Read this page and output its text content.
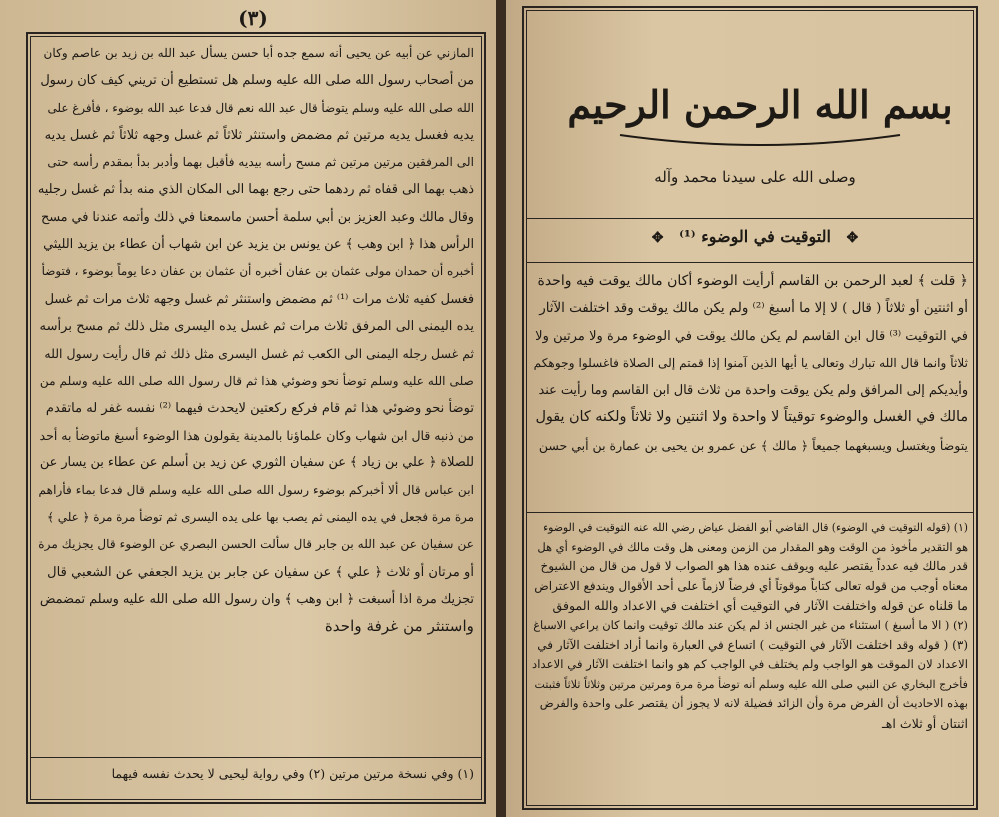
(٣)
المازني عن أبيه عن يحيى أنه سمع جده أبا حسن يسأل عبد الله بن زيد بن عاصم وكان
من أصحاب رسول الله صلى الله عليه وسلم هل تستطيع أن تريني كيف كان رسول
الله صلى الله عليه وسلم يتوضأ قال عبد الله نعم قال فدعا عبد الله بوضوء ، فأفرغ على
يديه فغسل يديه مرتين ثم مضمض واستنثر ثلاثاً ثم غسل وجهه ثلاثاً ثم غسل يديه
الى المرفقين مرتين مرتين ثم مسح رأسه بيديه فأقبل بهما وأدبر بدأ بمقدم رأسه حتى
ذهب بهما الى قفاه ثم ردهما حتى رجع بهما الى المكان الذي منه بدأ ثم غسل رجليه
وقال مالك وعبد العزيز بن أبي سلمة أحسن ماسمعنا في ذلك وأتمه عندنا في مسح
الرأس هذا ﴿ ابن وهب ﴾ عن يونس بن يزيد عن ابن شهاب أن عطاء بن يزيد الليثي
أخبره أن حمدان مولى عثمان بن عفان أخبره أن عثمان بن عفان دعا يوماً بوضوء ، فتوضأ
فغسل كفيه ثلاث مرات ⁽¹⁾ ثم مضمض واستنثر ثم غسل وجهه ثلاث مرات ثم غسل
يده اليمنى الى المرفق ثلاث مرات ثم غسل يده اليسرى مثل ذلك ثم مسح برأسه
ثم غسل رجله اليمنى الى الكعب ثم غسل اليسرى مثل ذلك ثم قال رأيت رسول الله
صلى الله عليه وسلم توضأ نحو وضوئي هذا ثم قال رسول الله صلى الله عليه وسلم من
توضأ نحو وضوئي هذا ثم قام فركع ركعتين لايحدث فيهما ⁽²⁾ نفسه غفر له ماتقدم
من ذنبه قال ابن شهاب وكان علماؤنا بالمدينة يقولون هذا الوضوء أسبغ ماتوضأ به أحد
للصلاة ﴿ علي بن زياد ﴾ عن سفيان الثوري عن زيد بن أسلم عن عطاء بن يسار عن
ابن عباس قال ألا أخبركم بوضوء رسول الله صلى الله عليه وسلم قال فدعا بماء فأراهم
مرة مرة فجعل في يده اليمنى ثم يصب بها على يده اليسرى ثم توضأ مرة مرة ﴿ علي ﴾
عن سفيان عن عبد الله بن جابر قال سألت الحسن البصري عن الوضوء قال يجزيك مرة
أو مرتان أو ثلاث ﴿ علي ﴾ عن سفيان عن جابر بن يزيد الجعفي عن الشعبي قال
تجزيك مرة اذا أسبغت ﴿ ابن وهب ﴾ وان رسول الله صلى الله عليه وسلم تمضمض
واستنثر من غرفة واحدة
(١) وفي نسخة مرتين مرتين (٢) وفي رواية ليحيى لا يحدث نفسه فيهما
بسم الله الرحمن الرحيم
وصلى الله على سيدنا محمد وآله
✥ التوقيت في الوضوء ⁽¹⁾ ✥
﴿ قلت ﴾ لعبد الرحمن بن القاسم أرأيت الوضوء أكان مالك يوقت فيه واحدة
أو اثنتين أو ثلاثاً ( قال ) لا إلا ما أسبغ ⁽²⁾ ولم يكن مالك يوقت وقد اختلفت الآثار
في التوقيت ⁽³⁾ قال ابن القاسم لم يكن مالك يوقت في الوضوء مرة ولا مرتين ولا
ثلاثاً وانما قال الله تبارك وتعالى يا أيها الذين آمنوا إذا قمتم إلى الصلاة فاغسلوا وجوهكم
وأيديكم إلى المرافق ولم يكن يوقت واحدة من ثلاث قال ابن القاسم وما رأيت عند
مالك في الغسل والوضوء توقيتاً لا واحدة ولا اثنتين ولا ثلاثاً ولكنه كان يقول
يتوضأ ويغتسل ويسبغهما جميعاً ﴿ مالك ﴾ عن عمرو بن يحيى بن عمارة بن أبي حسن
(١) (قوله التوقيت في الوضوء) قال القاضي أبو الفضل عياض رضي الله عنه التوقيت في الوضوء
هو التقدير مأخوذ من الوقت وهو المقدار من الزمن ومعنى هل وقت مالك في الوضوء أي هل
قدر مالك فيه عدداً يقتصر عليه ويوقف عنده هذا هو الصواب لا قول من قال من الشيوخ
معناه أوجب من قوله تعالى كتاباً موقوتاً أي فرضاً لازماً على أحد الأقوال ويندفع الاعتراض
ما قلناه عن قوله واختلفت الآثار في التوقيت أي اختلفت في الاعداد والله الموفق
(٢) ( الا ما أسبغ ) استثناء من غير الجنس اذ لم يكن عند مالك توقيت وانما كان يراعي الاسباغ
(٣) ( قوله وقد اختلفت الآثار في التوقيت ) اتساع في العبارة وانما أراد اختلفت الآثار في
الاعداد لان الموقت هو الواجب ولم يختلف في الواجب كم هو وانما اختلفت الآثار في الاعداد
فأخرج البخاري عن النبي صلى الله عليه وسلم أنه توضأ مرة مرة ومرتين مرتين وثلاثاً ثلاثاً فثبتت
بهذه الاحاديث أن الفرض مرة وأن الزائد فضيلة لانه لا يجوز أن يقتصر على واحدة والفرض
اثنتان أو ثلاث اهـ
